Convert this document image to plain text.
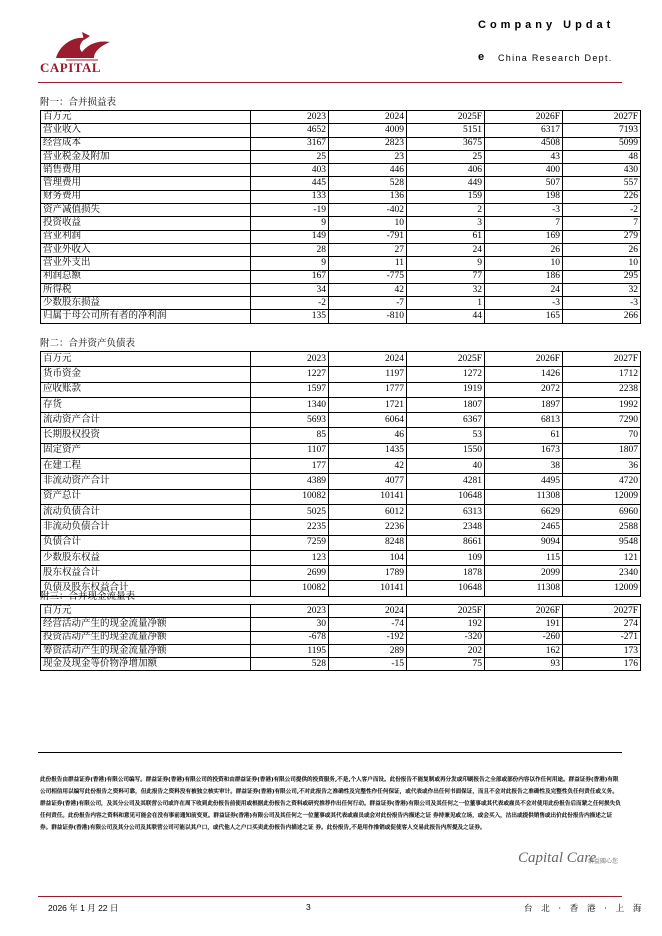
CAPITAL
Company Updat
e China Research Dept.
附一：合并损益表
百万元	2023	2024	2025F	2026F	2027F
营业收入	4652	4009	5151	6317	7193
经营成本	3167	2823	3675	4508	5099
营业税金及附加	25	23	25	43	48
销售费用	403	446	406	400	430
管理费用	445	528	449	507	557
财务费用	133	136	159	198	226
资产减值损失	-19	-402	2	-3	-2
投资收益	9	10	3	7	7
营业利润	149	-791	61	169	279
营业外收入	28	27	24	26	26
营业外支出	9	11	9	10	10
利润总额	167	-775	77	186	295
所得税	34	42	32	24	32
少数股东损益	-2	-7	1	-3	-3
归属于母公司所有者的净利润	135	-810	44	165	266
附二：合并资产负债表
百万元	2023	2024	2025F	2026F	2027F
货币资金	1227	1197	1272	1426	1712
应收账款	1597	1777	1919	2072	2238
存货	1340	1721	1807	1897	1992
流动资产合计	5693	6064	6367	6813	7290
长期股权投资	85	46	53	61	70
固定资产	1107	1435	1550	1673	1807
在建工程	177	42	40	38	36
非流动资产合计	4389	4077	4281	4495	4720
资产总计	10082	10141	10648	11308	12009
流动负债合计	5025	6012	6313	6629	6960
非流动负债合计	2235	2236	2348	2465	2588
负债合计	7259	8248	8661	9094	9548
少数股东权益	123	104	109	115	121
股东权益合计	2699	1789	1878	2099	2340
负债及股东权益合计	10082	10141	10648	11308	12009
附三：合并现金流量表
百万元	2023	2024	2025F	2026F	2027F
经营活动产生的现金流量净额	30	-74	192	191	274
投资活动产生的现金流量净额	-678	-192	-320	-260	-271
筹资活动产生的现金流量净额	1195	289	202	162	173
现金及现金等价物净增加额	528	-15	75	93	176
此份报告由群益证券(香港)有限公司编写。群益证券(香港)有限公司的投资和由群益证券(香港)有限公司提供的投资服务,不是,个人客户而设。此份报告不能复制或再分发或印刷报告之全部或部份内容以作任何用途。群益证券(香港)有限公司相信用以编写此份报告之资料可靠，但此报告之资料没有被独立核实审计。群益证券(香港)有限公司,不对此报告之准确性及完整性作任何保证，或代表或作出任何书面保证，而且不会对此报告之准确性及完整性负任何责任或义务。群益证券(香港)有限公司，及其分公司及其联营公司或许在周下收到此份报告前使用或根据此份报告之资料或研究推荐作出任何行动。群益证券(香港)有限公司及其任何之一位董事或其代表或雇员不会对使用此份报告后而蒙之任何损失负任何责任。此份报告内容之资料和意见可能会在没有事前通知前变更。群益证券(香港)有限公司及其任何之一位董事或其代表或雇员或会对此份报告内描述之证 券持兼见或立场，或会买入，沽出或提供销售或出价此份报告内描述之证券。群益证券(香港)有限公司及其分公司及其联营公司可能以其户口，或代他人之户口买卖此份报告内描述之证 券。此份报告,不是用作推销或促使客人交易此报告内所提及之证券。
Capital Care
群益關心您
2026 年 1 月 22 日	3	台 北 · 香 港 · 上 海
